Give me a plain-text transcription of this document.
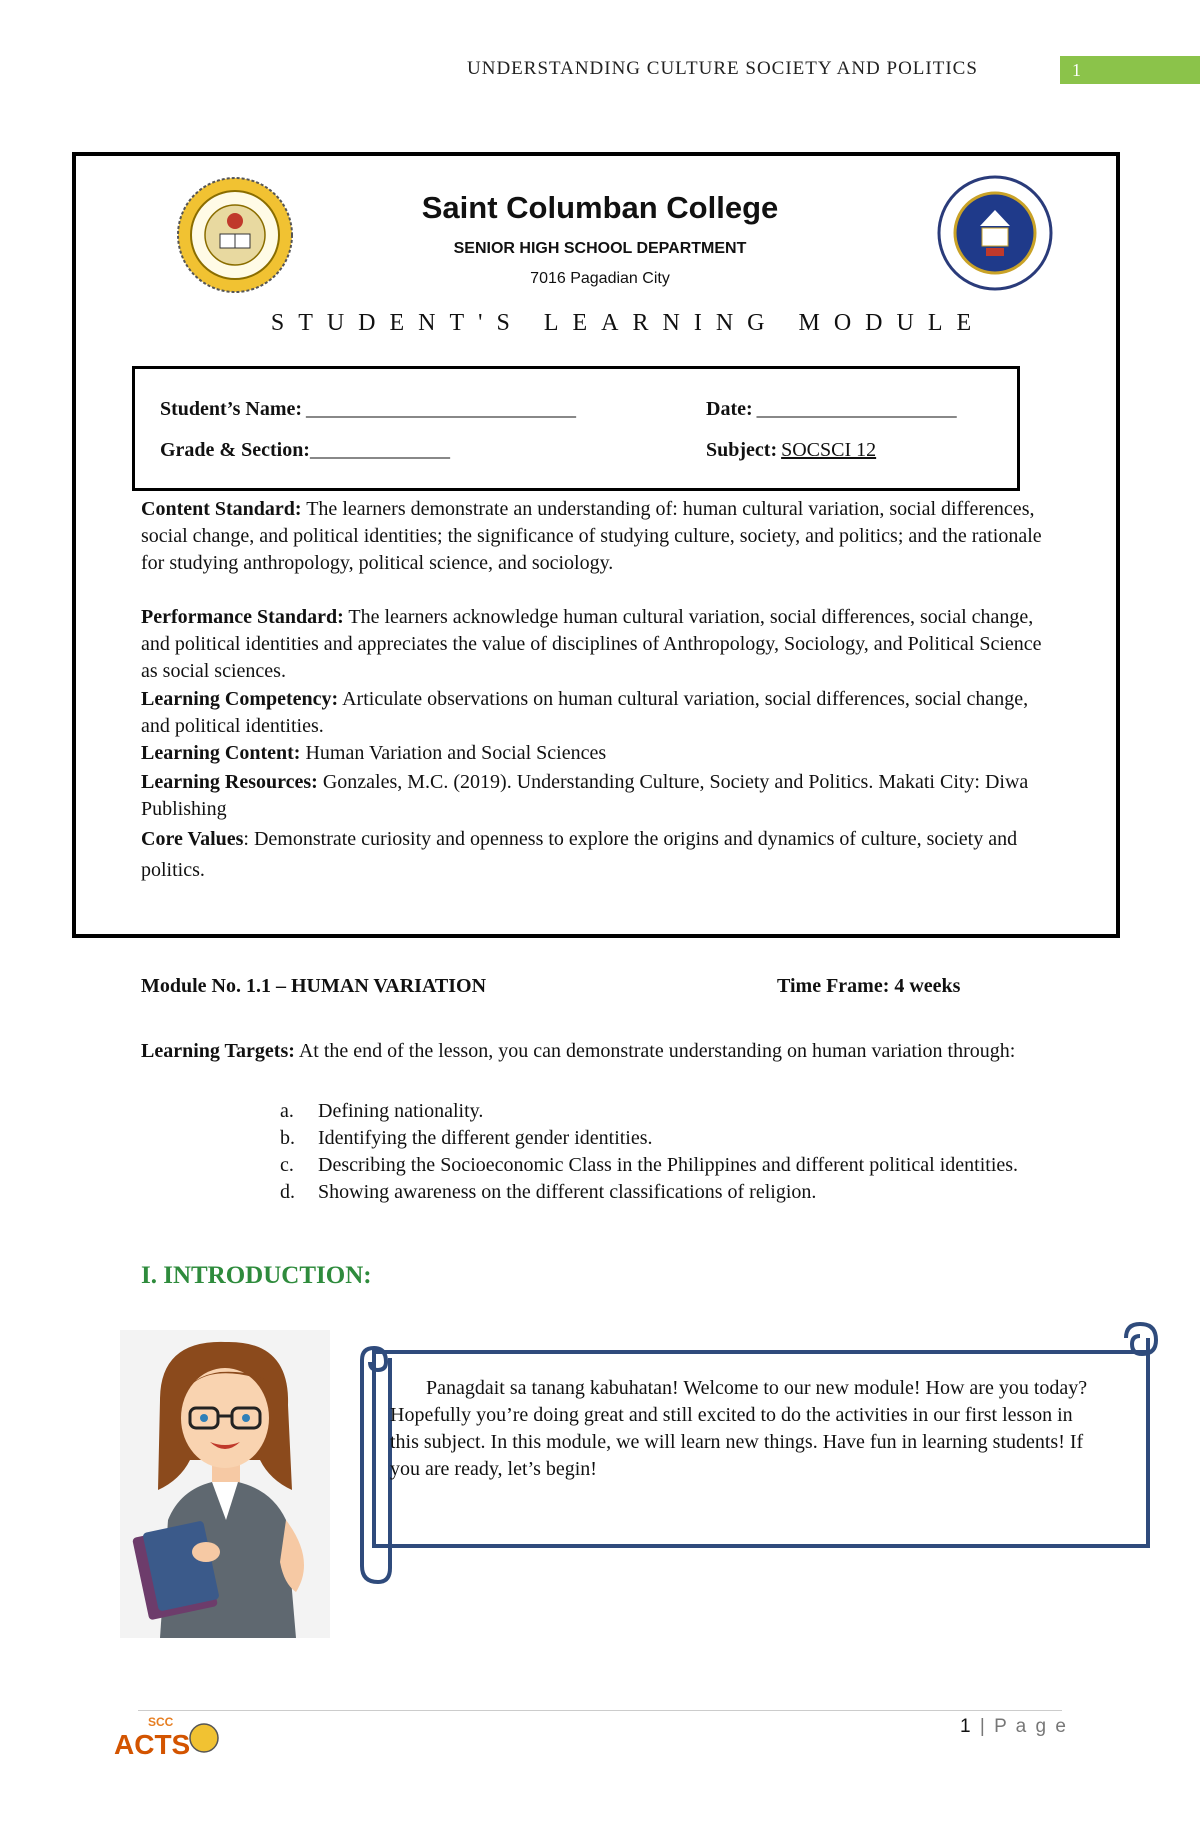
UNDERSTANDING CULTURE SOCIETY AND POLITICS	1
Saint Columban College
SENIOR HIGH SCHOOL DEPARTMENT
7016 Pagadian City
STUDENT'S LEARNING MODULE
Student’s Name: ___________________________	Date: ____________________
Grade & Section:______________	Subject: SOCSCI 12
Content Standard: The learners demonstrate an understanding of: human cultural variation, social differences, social change, and political identities; the significance of studying culture, society, and politics; and the rationale for studying anthropology, political science, and sociology.
Performance Standard: The learners acknowledge human cultural variation, social differences, social change, and political identities and appreciates the value of disciplines of Anthropology, Sociology, and Political Science as social sciences.
Learning Competency: Articulate observations on human cultural variation, social differences, social change, and political identities.
Learning Content: Human Variation and Social Sciences
Learning Resources: Gonzales, M.C. (2019). Understanding Culture, Society and Politics. Makati City: Diwa Publishing
Core Values: Demonstrate curiosity and openness to explore the origins and dynamics of culture, society and politics.
Module No. 1.1 – HUMAN VARIATION	Time Frame: 4 weeks
Learning Targets: At the end of the lesson, you can demonstrate understanding on human variation through:
a. Defining nationality.
b. Identifying the different gender identities.
c. Describing the Socioeconomic Class in the Philippines and different political identities.
d. Showing awareness on the different classifications of religion.
I. INTRODUCTION:
Panagdait sa tanang kabuhatan! Welcome to our new module! How are you today? Hopefully you’re doing great and still excited to do the activities in our first lesson in this subject. In this module, we will learn new things. Have fun in learning students! If you are ready, let’s begin!
1 | P a g e
SCC
ACTS
